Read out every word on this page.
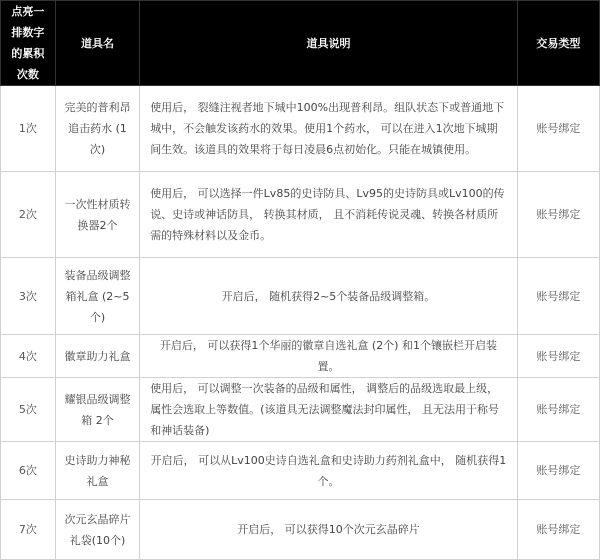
点亮一排数字的累积次数	道具名	道具说明	交易类型
1次	完美的普利昂追击药水 (1次)	使用后， 裂缝注视者地下城中100%出现普利昂。组队状态下或普通地下城中，不会触发该药水的效果。使用1个药水， 可以在进入1次地下城期间生效。该道具的效果将于每日凌晨6点初始化。只能在城镇使用。	账号绑定
2次	一次性材质转换器2个	使用后， 可以选择一件Lv85的史诗防具、Lv95的史诗防具或Lv100的传说、史诗或神话防具， 转换其材质， 且不消耗传说灵魂、转换各材质所需的特殊材料以及金币。	账号绑定
3次	装备品级调整箱礼盒 (2~5个)	开启后， 随机获得2~5个装备品级调整箱。	账号绑定
4次	徽章助力礼盒	开启后， 可以获得1个华丽的徽章自选礼盒 (2个) 和1个镶嵌栏开启装置。	账号绑定
5次	耀银品级调整箱 2个	使用后， 可以调整一次装备的品级和属性， 调整后的品级选取最上级， 属性会选取上等数值。(该道具无法调整魔法封印属性， 且无法用于称号和神话装备)	账号绑定
6次	史诗助力神秘礼盒	开启后， 可以从Lv100史诗自选礼盒和史诗助力药剂礼盒中， 随机获得1个。	账号绑定
7次	次元玄晶碎片礼袋(10个)	开启后， 可以获得10个次元玄晶碎片	账号绑定
